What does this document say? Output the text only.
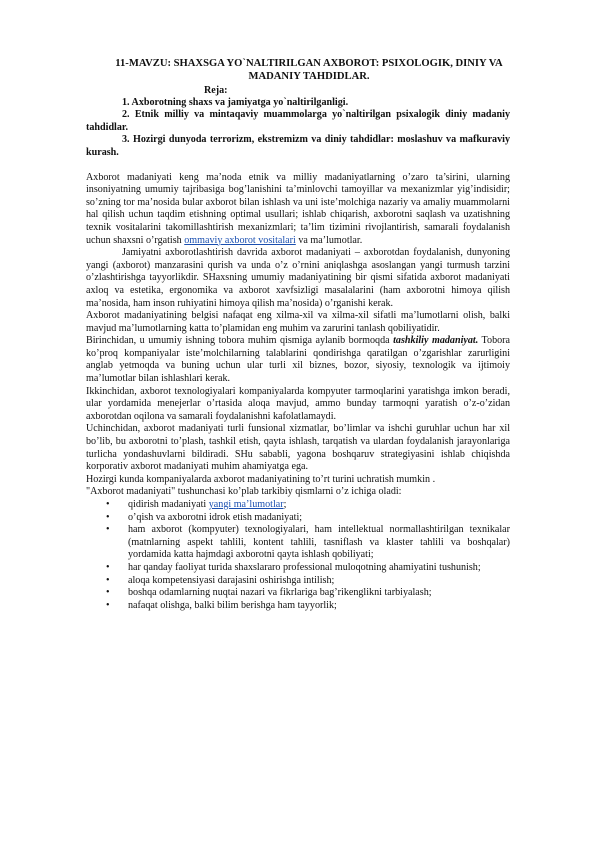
11-MAVZU: SHAXSGA YO`NALTIRILGAN AXBOROT: PSIXOLOGIK, DINIY VA MADANIY TAHDIDLAR.
Reja:
1. Axborotning shaxs va jamiyatga yo`naltirilganligi.
2. Etnik milliy va mintaqaviy muammolarga yo`naltirilgan psixalogik diniy madaniy tahdidlar.
3. Hozirgi dunyoda terrorizm, ekstremizm va diniy tahdidlar: moslashuv va mafkuraviy kurash.

Axborot madaniyati keng ma’noda etnik va milliy madaniyatlarning o’zaro ta’sirini, ularning insoniyatning umumiy tajribasiga bog’lanishini ta’minlovchi tamoyillar va mexanizmlar yig’indisidir; so’zning tor ma’nosida bular axborot bilan ishlash va uni iste’molchiga nazariy va amaliy muammolarni hal qilish uchun taqdim etishning optimal usullari; ishlab chiqarish, axborotni saqlash va uzatishning texnik vositalarini takomillashtirish mexanizmlari; ta’lim tizimini rivojlantirish, samarali foydalanish uchun shaxsni o’rgatish ommaviy axborot vositalari va ma’lumotlar.

Jamiyatni axborotlashtirish davrida axborot madaniyati – axborotdan foydalanish, dunyoning yangi (axborot) manzarasini qurish va unda o’z o’rnini aniqlashga asoslangan yangi turmush tarzini o’zlashtirishga tayyorlikdir. SHaxsning umumiy madaniyatining bir qismi sifatida axborot madaniyati axloq va estetika, ergonomika va axborot xavfsizligi masalalarini (ham axborotni himoya qilish ma’nosida, ham inson ruhiyatini himoya qilish ma’nosida) o’rganishi kerak.

Axborot madaniyatining belgisi nafaqat eng xilma-xil va xilma-xil sifatli ma’lumotlarni olish, balki mavjud ma’lumotlarning katta to’plamidan eng muhim va zarurini tanlash qobiliyatidir.

Birinchidan, u umumiy ishning tobora muhim qismiga aylanib bormoqda tashkiliy madaniyat. Tobora ko’proq kompaniyalar iste’molchilarning talablarini qondirishga qaratilgan o’zgarishlar zarurligini anglab yetmoqda va buning uchun ular turli xil biznes, bozor, siyosiy, texnologik va ijtimoiy ma’lumotlar bilan ishlashlari kerak.

Ikkinchidan, axborot texnologiyalari kompaniyalarda kompyuter tarmoqlarini yaratishga imkon beradi, ular yordamida menejerlar o’rtasida aloqa mavjud, ammo bunday tarmoqni yaratish o’z-o’zidan axborotdan oqilona va samarali foydalanishni kafolatlamaydi.

Uchinchidan, axborot madaniyati turli funsional xizmatlar, bo’limlar va ishchi guruhlar uchun har xil bo’lib, bu axborotni to’plash, tashkil etish, qayta ishlash, tarqatish va ulardan foydalanish jarayonlariga turlicha yondashuvlarni bildiradi. SHu sababli, yagona boshqaruv strategiyasini ishlab chiqishda korporativ axborot madaniyati muhim ahamiyatga ega.

Hozirgi kunda kompaniyalarda axborot madaniyatining to’rt turini uchratish mumkin .

"Axborot madaniyati" tushunchasi ko’plab tarkibiy qismlarni o’z ichiga oladi:

• qidirish madaniyati yangi ma’lumotlar;
• o’qish va axborotni idrok etish madaniyati;
• ham axborot (kompyuter) texnologiyalari, ham intellektual normallashtirilgan texnikalar (matnlarning aspekt tahlili, kontent tahlili, tasniflash va klaster tahlili va boshqalar) yordamida katta hajmdagi axborotni qayta ishlash qobiliyati;
• har qanday faoliyat turida shaxslararo professional muloqotning ahamiyatini tushunish;
• aloqa kompetensiyasi darajasini oshirishga intilish;
• boshqa odamlarning nuqtai nazari va fikrlariga bag’rikenglikni tarbiyalash;
• nafaqat olishga, balki bilim berishga ham tayyorlik;
